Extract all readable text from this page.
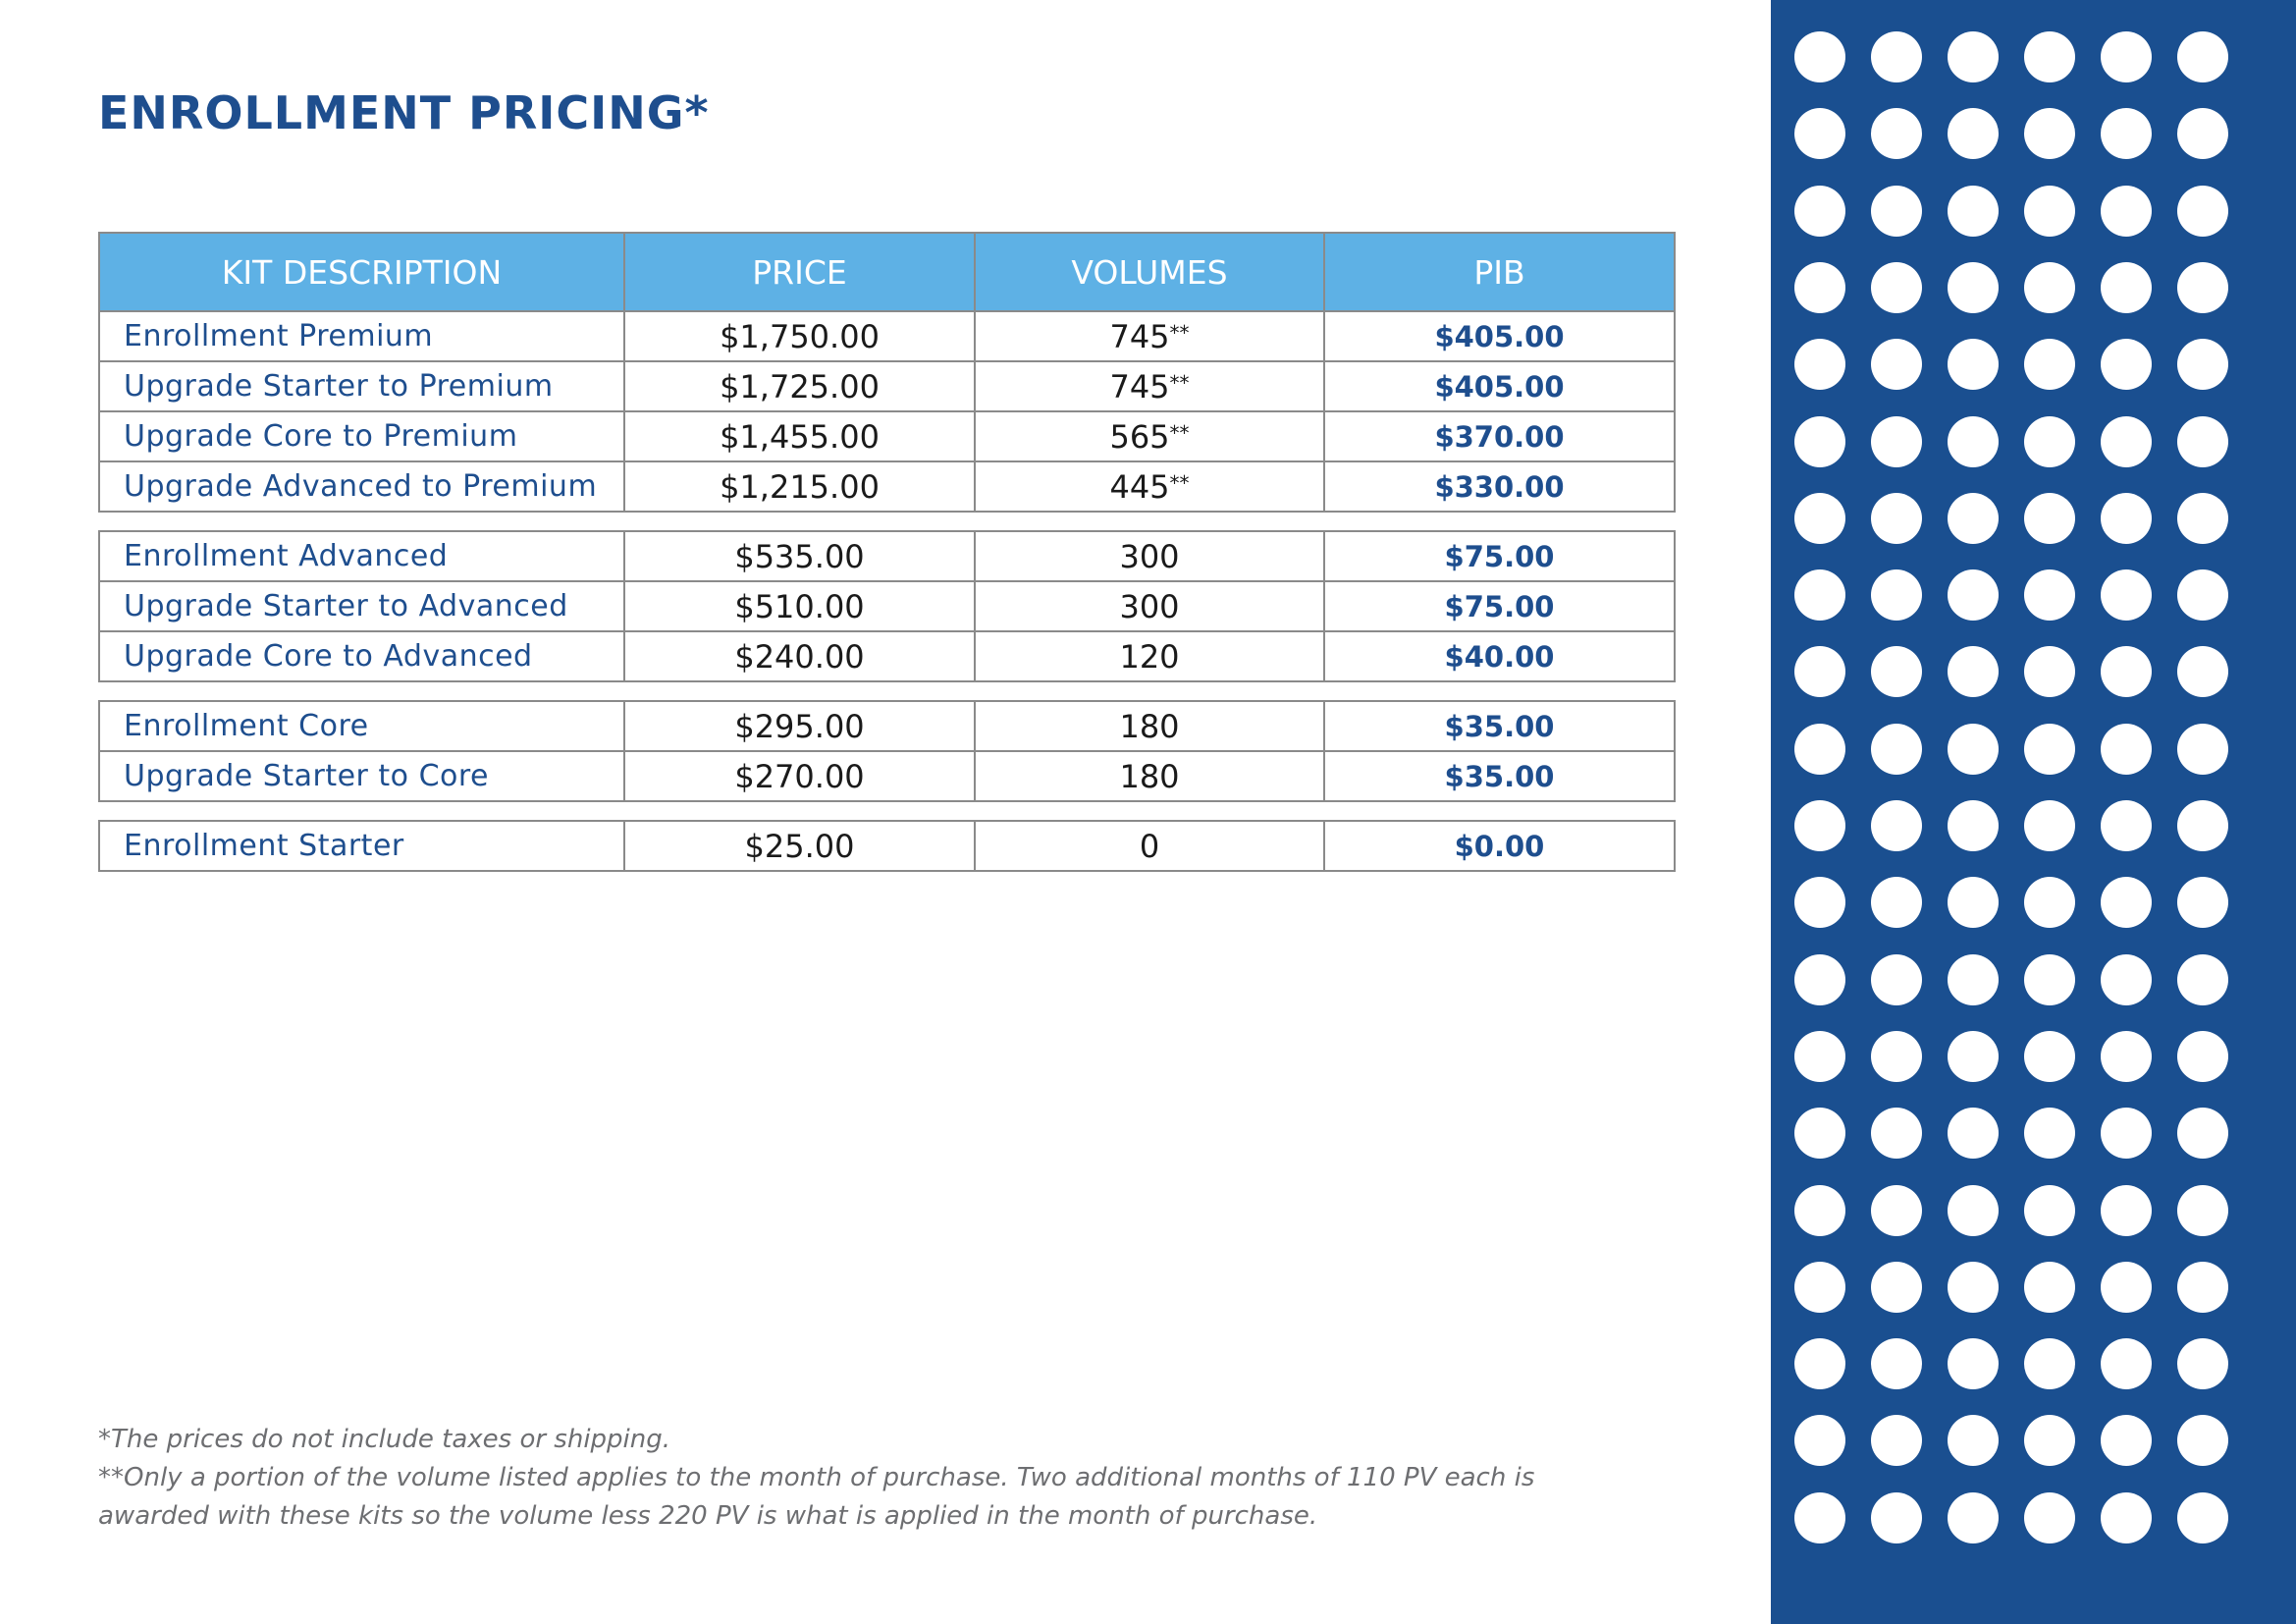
ENROLLMENT PRICING*
KIT DESCRIPTION	PRICE	VOLUMES	PIB
Enrollment Premium	$1,750.00	745**	$405.00
Upgrade Starter to Premium	$1,725.00	745**	$405.00
Upgrade Core to Premium	$1,455.00	565**	$370.00
Upgrade Advanced to Premium	$1,215.00	445**	$330.00

Enrollment Advanced	$535.00	300	$75.00
Upgrade Starter to Advanced	$510.00	300	$75.00
Upgrade Core to Advanced	$240.00	120	$40.00

Enrollment Core	$295.00	180	$35.00
Upgrade Starter to Core	$270.00	180	$35.00

Enrollment Starter	$25.00	0	$0.00

*The prices do not include taxes or shipping.

**Only a portion of the volume listed applies to the month of purchase. Two additional months of 110 PV each is awarded with these kits so the volume less 220 PV is what is applied in the month of purchase.
